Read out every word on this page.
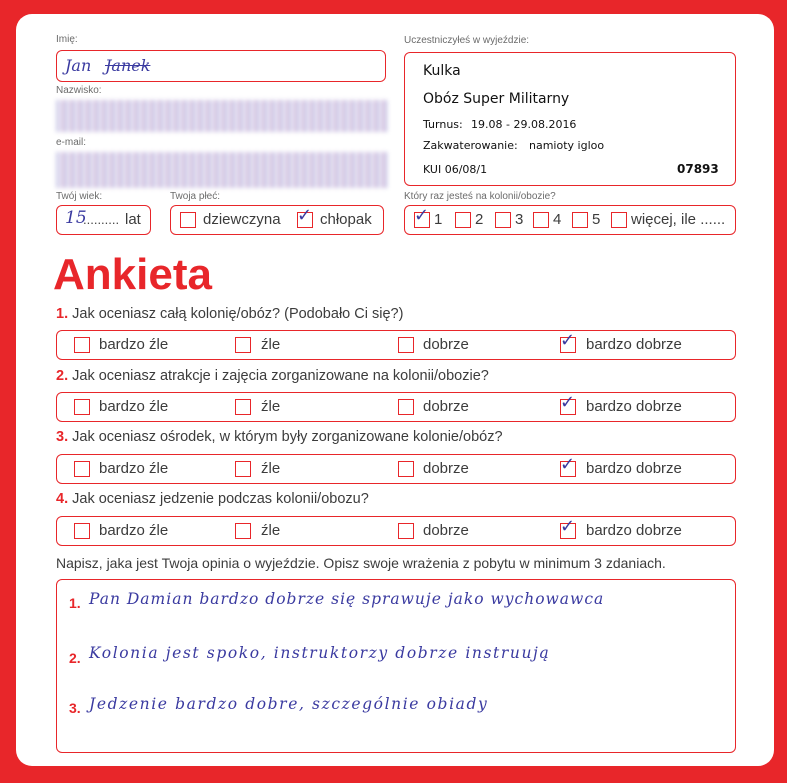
Imię:
Jan Janek
Nazwisko:
e-mail:
Twój wiek:
15
.......... lat
Twoja płeć:
dziewczyna ✓ chłopak
Uczestniczyłeś w wyjeździe:
Kulka
Obóz Super Militarny
Turnus: 19.08 - 29.08.2016
Zakwaterowanie: namioty igloo
KUI 06/08/1	07893
Który raz jesteś na kolonii/obozie?
✓ 1 2 3 4 5 więcej, ile ......
Ankieta
1. Jak oceniasz całą kolonię/obóz? (Podobało Ci się?)
bardzo źle	źle	dobrze	✓ bardzo dobrze
2. Jak oceniasz atrakcje i zajęcia zorganizowane na kolonii/obozie?
bardzo źle	źle	dobrze	✓ bardzo dobrze
3. Jak oceniasz ośrodek, w którym były zorganizowane kolonie/obóz?
bardzo źle	źle	dobrze	✓ bardzo dobrze
4. Jak oceniasz jedzenie podczas kolonii/obozu?
bardzo źle	źle	dobrze	✓ bardzo dobrze
Napisz, jaka jest Twoja opinia o wyjeździe. Opisz swoje wrażenia z pobytu w minimum 3 zdaniach.
1. Pan Damian bardzo dobrze się sprawuje jako wychowawca
2. Kolonia jest spoko, instruktorzy dobrze instruują
3. Jedzenie bardzo dobre, szczególnie obiady
